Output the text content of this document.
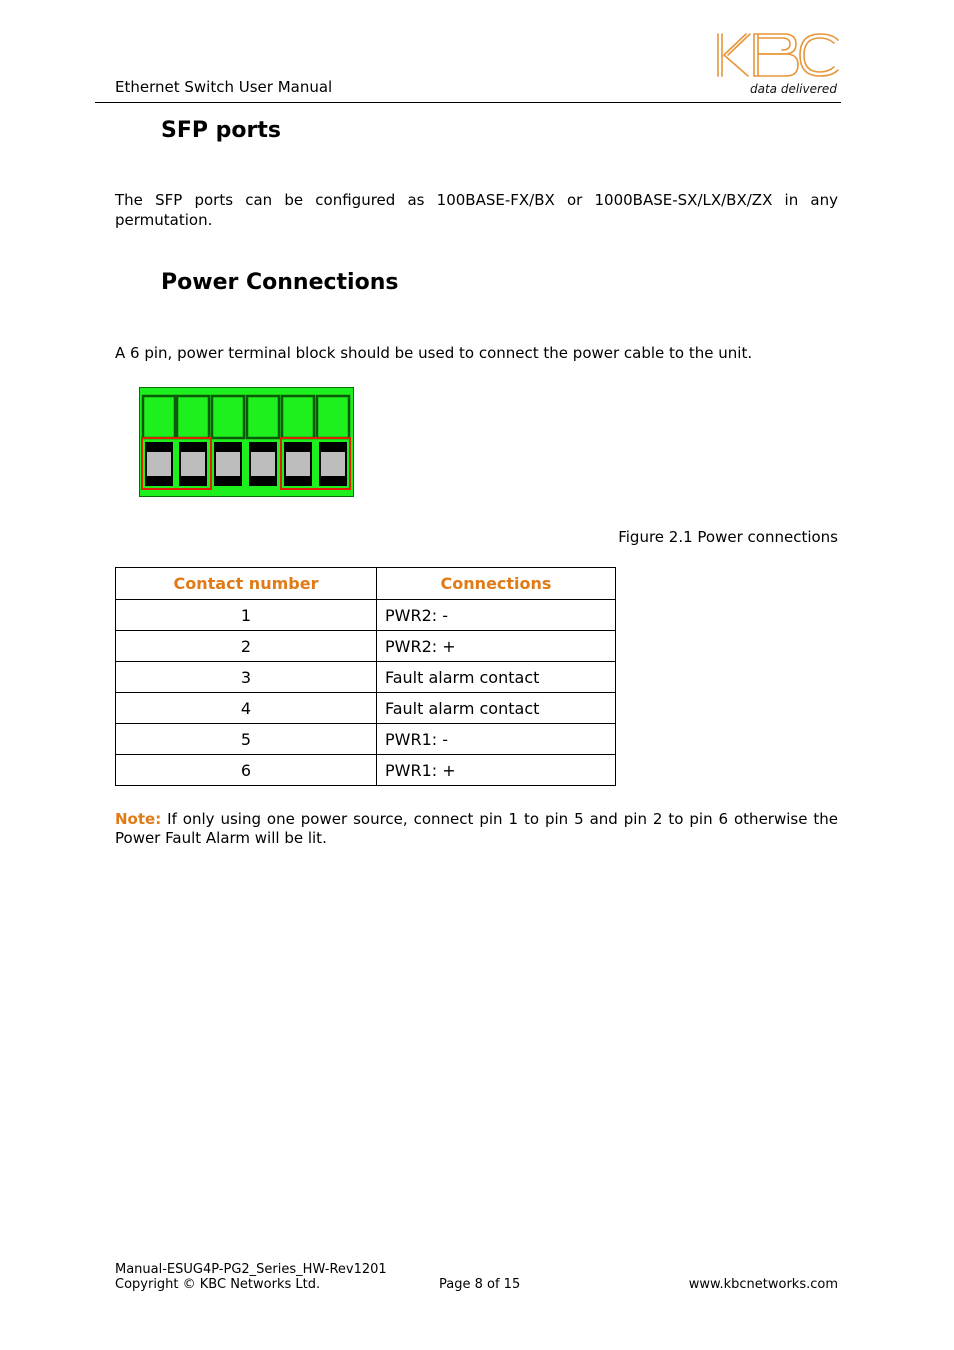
Ethernet Switch User Manual	data delivered
SFP ports
The SFP ports can be configured as 100BASE-FX/BX or 1000BASE-SX/LX/BX/ZX in any permutation.
Power Connections
A 6 pin, power terminal block should be used to connect the power cable to the unit.
Figure 2.1 Power connections
Contact number	Connections
1	PWR2: -
2	PWR2: +
3	Fault alarm contact
4	Fault alarm contact
5	PWR1: -
6	PWR1: +
Note: If only using one power source, connect pin 1 to pin 5 and pin 2 to pin 6 otherwise the Power Fault Alarm will be lit.
Manual-ESUG4P-PG2_Series_HW-Rev1201
Copyright © KBC Networks Ltd.	Page 8 of 15	www.kbcnetworks.com
